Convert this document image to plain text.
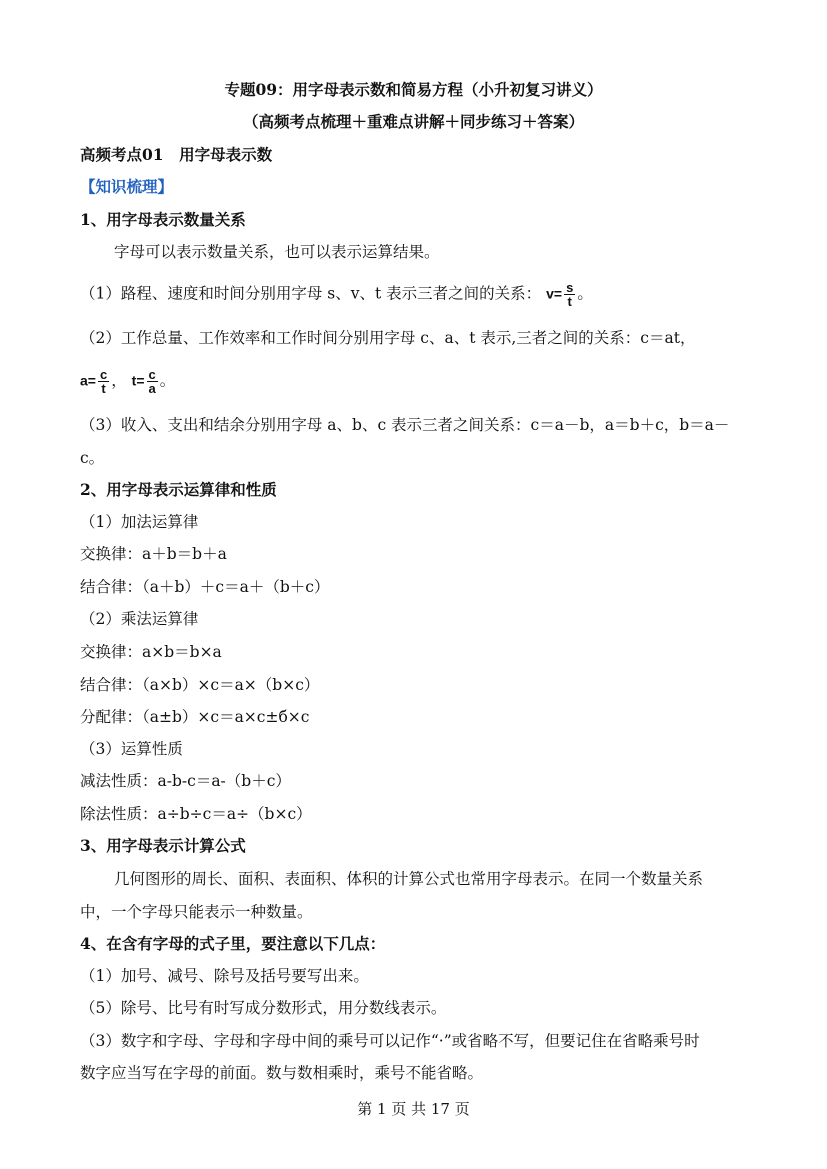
专题09：用字母表示数和简易方程（小升初复习讲义）
（高频考点梳理＋重难点讲解＋同步练习＋答案）
高频考点01　用字母表示数
【知识梳理】
1、用字母表示数量关系
字母可以表示数量关系，也可以表示运算结果。
（1）路程、速度和时间分别用字母 s、v、t 表示三者之间的关系： $v= \frac{s}{t}$ 。
（2）工作总量、工作效率和工作时间分别用字母 c、a、t 表示,三者之间的关系：c＝at，
$a= \frac{c}{t}$ ， $t= \frac{c}{a}$ 。
（3）收入、支出和结余分别用字母 a、b、c 表示三者之间关系：c＝a－b，a＝b＋c，b＝a－
c。
2、用字母表示运算律和性质
（1）加法运算律
交换律：a＋b＝b＋a
结合律：（a＋b）＋c＝a＋（b＋c）
（2）乘法运算律
交换律：a×b＝b×a
结合律：（a×b）×c＝a×（b×c）
分配律：（a±b）×c＝a×c±б×c
（3）运算性质
减法性质：a-b-c＝a-（b＋c）
除法性质：a÷b÷c＝a÷（b×c）
3、用字母表示计算公式
几何图形的周长、面积、表面积、体积的计算公式也常用字母表示。在同一个数量关系
中，一个字母只能表示一种数量。
4、在含有字母的式子里，要注意以下几点：
（1）加号、减号、除号及括号要写出来。
（5）除号、比号有时写成分数形式，用分数线表示。
（3）数字和字母、字母和字母中间的乘号可以记作“·”或省略不写，但要记住在省略乘号时
数字应当写在字母的前面。数与数相乘时，乘号不能省略。
第 1 页 共 17 页
